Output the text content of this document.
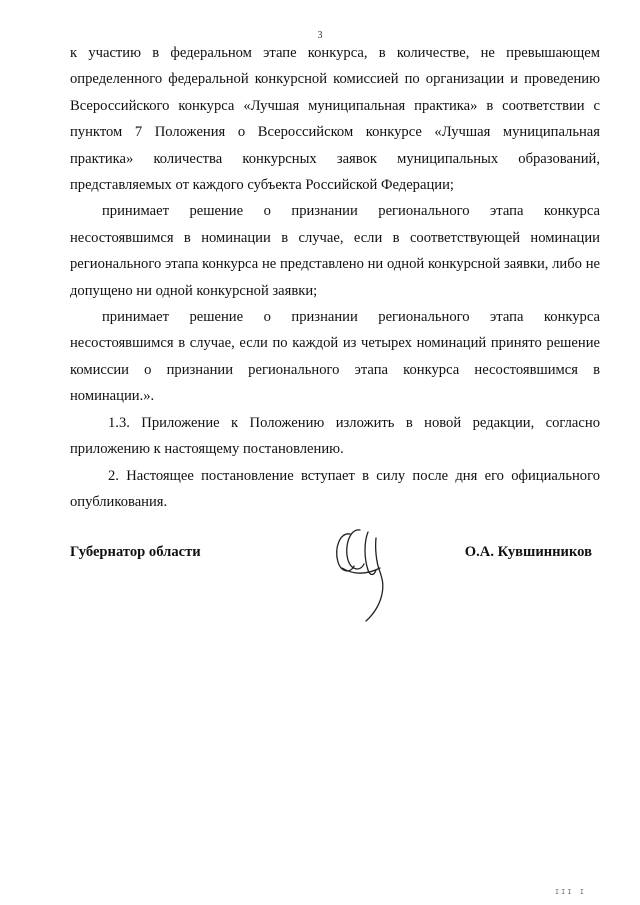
3

к участию в федеральном этапе конкурса, в количестве, не превышающем определенного федеральной конкурсной комиссией по организации и проведению Всероссийского конкурса «Лучшая муниципальная практика» в соответствии с пунктом 7 Положения о Всероссийском конкурсе «Лучшая муниципальная практика» количества конкурсных заявок муниципальных образований, представляемых от каждого субъекта Российской Федерации;

принимает решение о признании регионального этапа конкурса несостоявшимся в номинации в случае, если в соответствующей номинации регионального этапа конкурса не представлено ни одной конкурсной заявки, либо не допущено ни одной конкурсной заявки;

принимает решение о признании регионального этапа конкурса несостоявшимся в случае, если по каждой из четырех номинаций принято решение комиссии о признании регионального этапа конкурса несостоявшимся в номинации.».

1.3. Приложение к Положению изложить в новой редакции, согласно приложению к настоящему постановлению.

2. Настоящее постановление вступает в силу после дня его официального опубликования.

Губернатор области	О.А. Кувшинников
III I
